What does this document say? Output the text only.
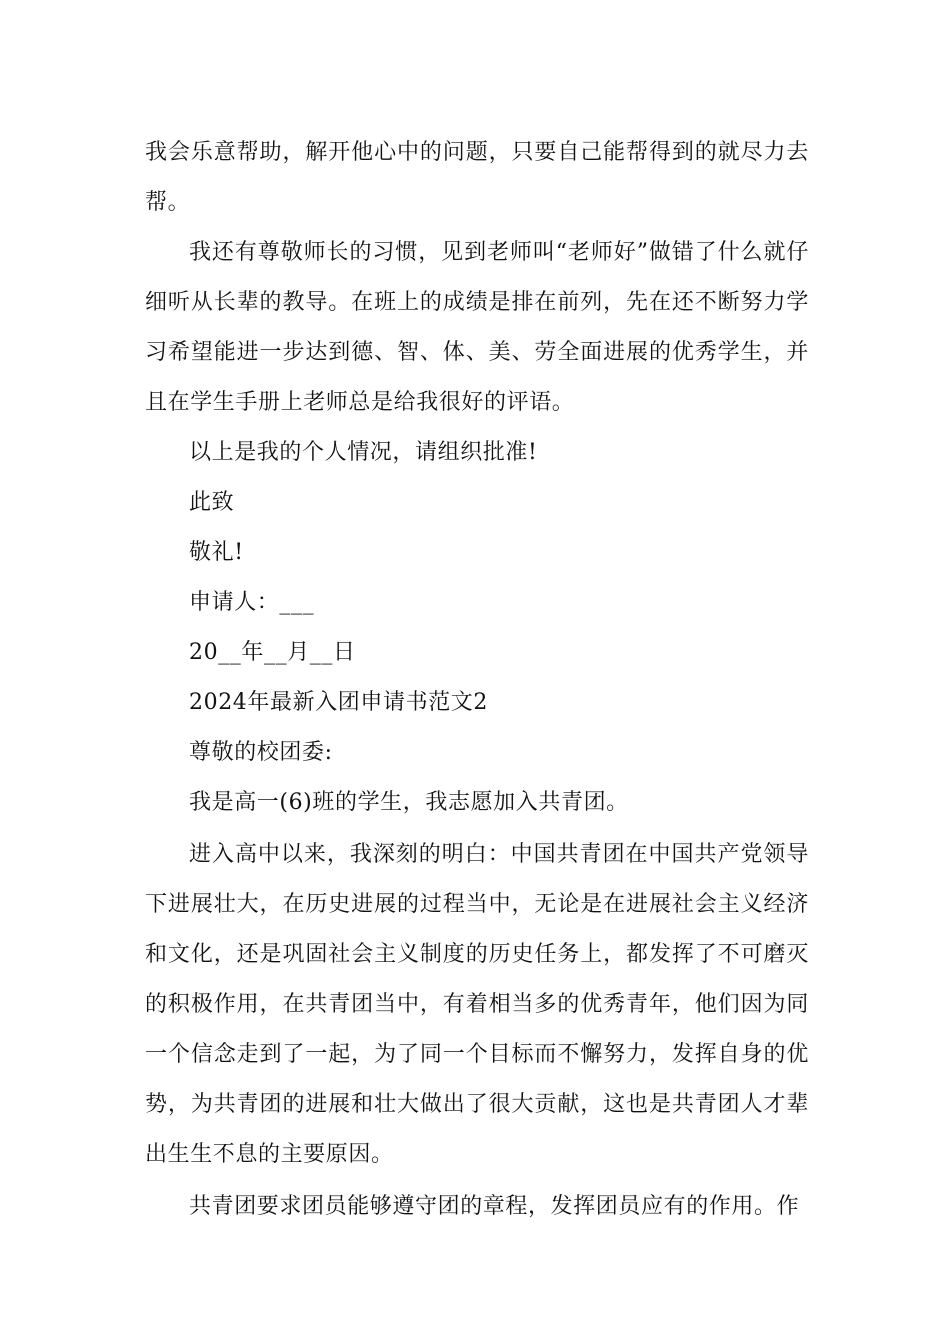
我会乐意帮助，解开他心中的问题，只要自己能帮得到的就尽力去帮。

我还有尊敬师长的习惯，见到老师叫“老师好”做错了什么就仔细听从长辈的教导。在班上的成绩是排在前列，先在还不断努力学习希望能进一步达到德、智、体、美、劳全面进展的优秀学生，并且在学生手册上老师总是给我很好的评语。

以上是我的个人情况，请组织批准!

此致

敬礼!

申请人：___

20__年__月__日

2024年最新入团申请书范文2

尊敬的校团委:

我是高一(6)班的学生，我志愿加入共青团。

进入高中以来，我深刻的明白：中国共青团在中国共产党领导下进展壮大，在历史进展的过程当中，无论是在进展社会主义经济和文化，还是巩固社会主义制度的历史任务上，都发挥了不可磨灭的积极作用，在共青团当中，有着相当多的优秀青年，他们因为同一个信念走到了一起，为了同一个目标而不懈努力，发挥自身的优势，为共青团的进展和壮大做出了很大贡献，这也是共青团人才辈出生生不息的主要原因。

共青团要求团员能够遵守团的章程，发挥团员应有的作用。作
